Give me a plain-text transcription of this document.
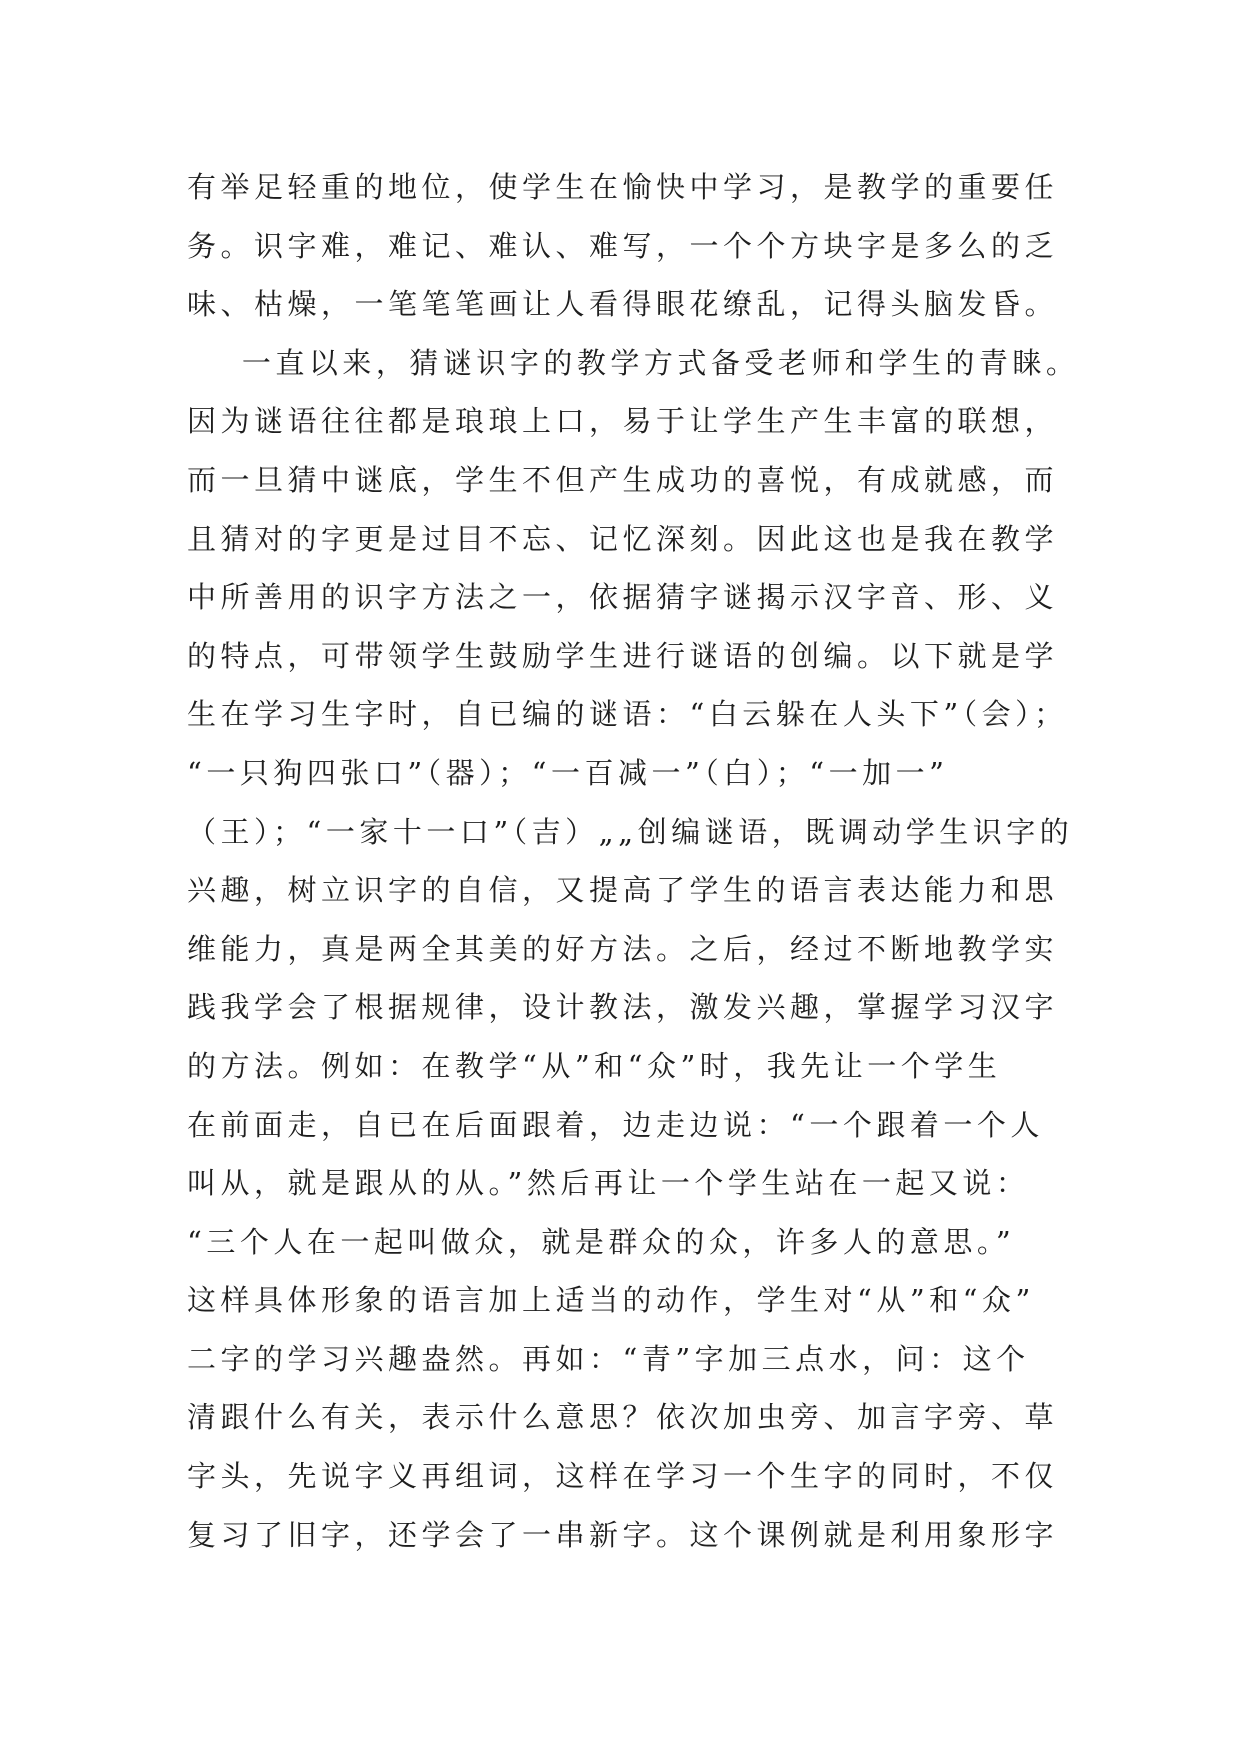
有举足轻重的地位，使学生在愉快中学习，是教学的重要任
务。识字难，难记、难认、难写，一个个方块字是多么的乏
味、枯燥，一笔笔笔画让人看得眼花缭乱，记得头脑发昏。
一直以来，猜谜识字的教学方式备受老师和学生的青睐。
因为谜语往往都是琅琅上口，易于让学生产生丰富的联想，
而一旦猜中谜底，学生不但产生成功的喜悦，有成就感，而
且猜对的字更是过目不忘、记忆深刻。因此这也是我在教学
中所善用的识字方法之一，依据猜字谜揭示汉字音、形、义
的特点，可带领学生鼓励学生进行谜语的创编。以下就是学
生在学习生字时，自已编的谜语：“白云躲在人头下”（会）；
“一只狗四张口”（器）；“一百减一”（白）；“一加一”
（王）；“一家十一口”（吉）„„创编谜语，既调动学生识字的
兴趣，树立识字的自信，又提高了学生的语言表达能力和思
维能力，真是两全其美的好方法。之后，经过不断地教学实
践我学会了根据规律，设计教法，激发兴趣，掌握学习汉字
的方法。例如：在教学“从”和“众”时，我先让一个学生
在前面走，自已在后面跟着，边走边说：“一个跟着一个人
叫从，就是跟从的从。”然后再让一个学生站在一起又说：
“三个人在一起叫做众，就是群众的众，许多人的意思。”
这样具体形象的语言加上适当的动作，学生对“从”和“众”
二字的学习兴趣盎然。再如：“青”字加三点水，问：这个
清跟什么有关，表示什么意思？依次加虫旁、加言字旁、草
字头，先说字义再组词，这样在学习一个生字的同时，不仅
复习了旧字，还学会了一串新字。这个课例就是利用象形字
